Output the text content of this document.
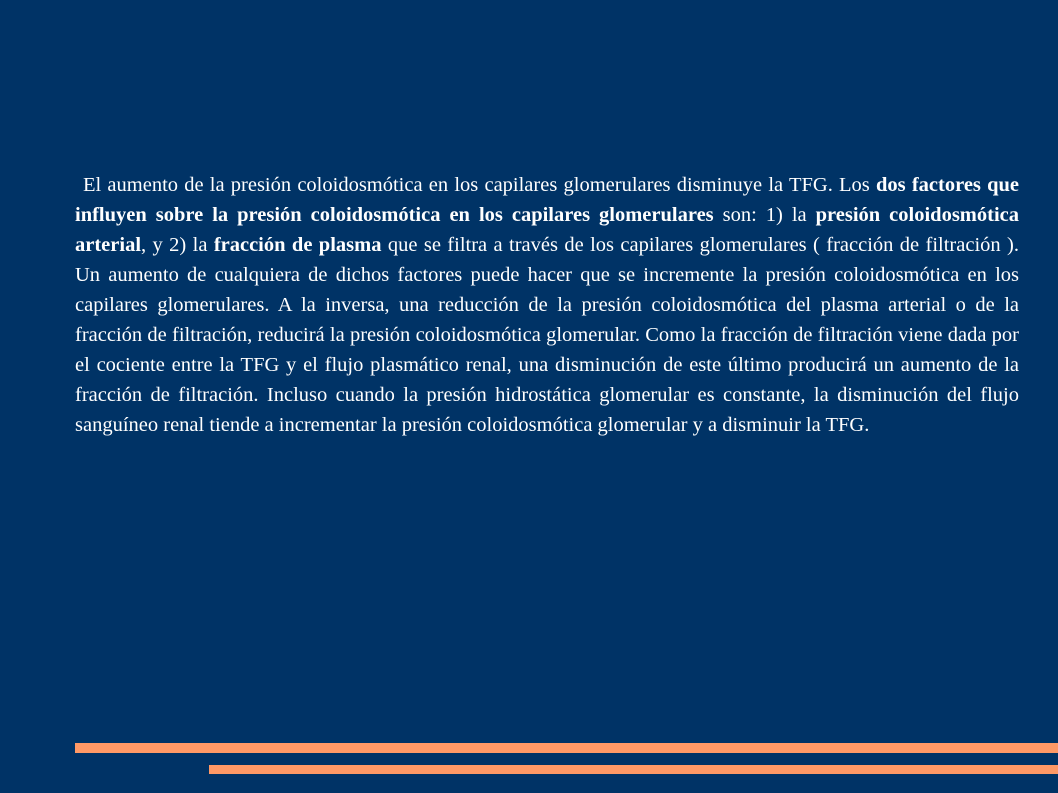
El aumento de la presión coloidosmótica en los capilares glomerulares disminuye la TFG. Los dos factores que influyen sobre la presión coloidosmótica en los capilares glomerulares son: 1) la presión coloidosmótica arterial, y 2) la fracción de plasma que se filtra a través de los capilares glomerulares ( fracción de filtración ). Un aumento de cualquiera de dichos factores puede hacer que se incremente la presión coloidosmótica en los capilares glomerulares. A la inversa, una reducción de la presión coloidosmótica del plasma arterial o de la fracción de filtración, reducirá la presión coloidosmótica glomerular. Como la fracción de filtración viene dada por el cociente entre la TFG y el flujo plasmático renal, una disminución de este último producirá un aumento de la fracción de filtración. Incluso cuando la presión hidrostática glomerular es constante, la disminución del flujo sanguíneo renal tiende a incrementar la presión coloidosmótica glomerular y a disminuir la TFG.
